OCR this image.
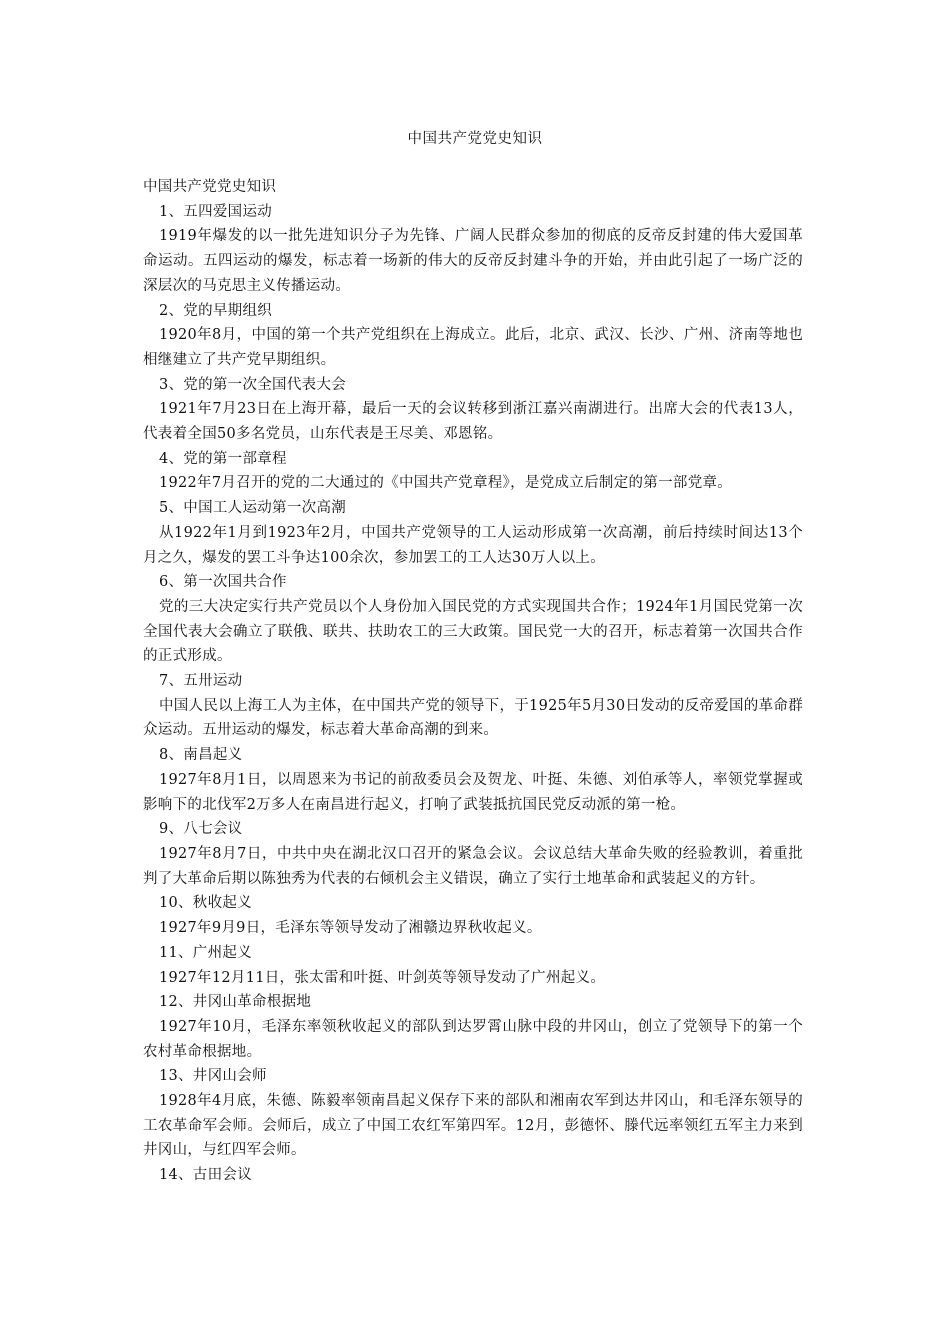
中国共产党党史知识

中国共产党党史知识

1、五四爱国运动

1919年爆发的以一批先进知识分子为先锋、广阔人民群众参加的彻底的反帝反封建的伟大爱国革命运动。五四运动的爆发，标志着一场新的伟大的反帝反封建斗争的开始，并由此引起了一场广泛的深层次的马克思主义传播运动。

2、党的早期组织

1920年8月，中国的第一个共产党组织在上海成立。此后，北京、武汉、长沙、广州、济南等地也相继建立了共产党早期组织。

3、党的第一次全国代表大会

1921年7月23日在上海开幕，最后一天的会议转移到浙江嘉兴南湖进行。出席大会的代表13人，代表着全国50多名党员，山东代表是王尽美、邓恩铭。

4、党的第一部章程

1922年7月召开的党的二大通过的《中国共产党章程》，是党成立后制定的第一部党章。

5、中国工人运动第一次高潮

从1922年1月到1923年2月，中国共产党领导的工人运动形成第一次高潮，前后持续时间达13个月之久，爆发的罢工斗争达100余次，参加罢工的工人达30万人以上。

6、第一次国共合作

党的三大决定实行共产党员以个人身份加入国民党的方式实现国共合作；1924年1月国民党第一次全国代表大会确立了联俄、联共、扶助农工的三大政策。国民党一大的召开，标志着第一次国共合作的正式形成。

7、五卅运动

中国人民以上海工人为主体，在中国共产党的领导下，于1925年5月30日发动的反帝爱国的革命群众运动。五卅运动的爆发，标志着大革命高潮的到来。

8、南昌起义

1927年8月1日，以周恩来为书记的前敌委员会及贺龙、叶挺、朱德、刘伯承等人，率领党掌握或影响下的北伐军2万多人在南昌进行起义，打响了武装抵抗国民党反动派的第一枪。

9、八七会议

1927年8月7日，中共中央在湖北汉口召开的紧急会议。会议总结大革命失败的经验教训，着重批判了大革命后期以陈独秀为代表的右倾机会主义错误，确立了实行土地革命和武装起义的方针。

10、秋收起义

1927年9月9日，毛泽东等领导发动了湘赣边界秋收起义。

11、广州起义

1927年12月11日，张太雷和叶挺、叶剑英等领导发动了广州起义。

12、井冈山革命根据地

1927年10月，毛泽东率领秋收起义的部队到达罗霄山脉中段的井冈山，创立了党领导下的第一个农村革命根据地。

13、井冈山会师

1928年4月底，朱德、陈毅率领南昌起义保存下来的部队和湘南农军到达井冈山，和毛泽东领导的工农革命军会师。会师后，成立了中国工农红军第四军。12月，彭德怀、滕代远率领红五军主力来到井冈山，与红四军会师。

14、古田会议
